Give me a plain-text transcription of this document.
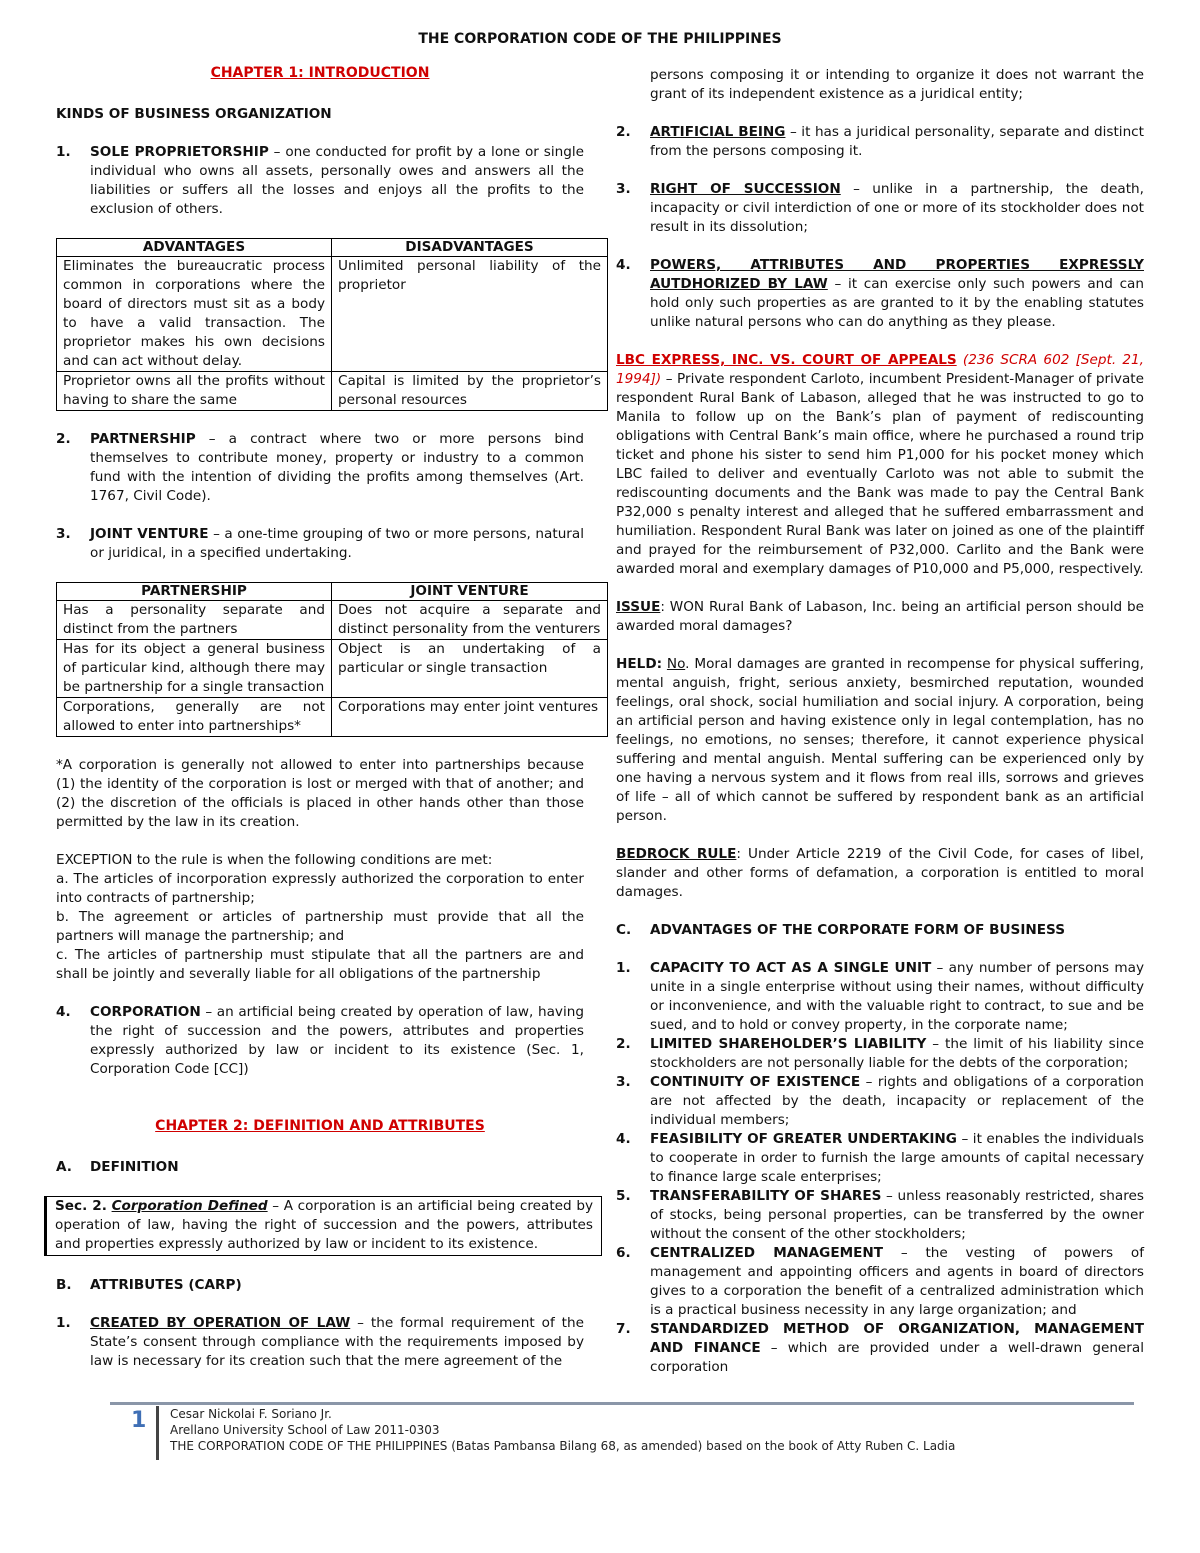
THE CORPORATION CODE OF THE PHILIPPINES
CHAPTER 1: INTRODUCTION
KINDS OF BUSINESS ORGANIZATION
1.	SOLE PROPRIETORSHIP – one conducted for profit by a lone or single individual who owns all assets, personally owes and answers all the liabilities or suffers all the losses and enjoys all the profits to the exclusion of others.
ADVANTAGES	DISADVANTAGES
Eliminates the bureaucratic process common in corporations where the board of directors must sit as a body to have a valid transaction. The proprietor makes his own decisions and can act without delay.	Unlimited personal liability of the proprietor
Proprietor owns all the profits without having to share the same	Capital is limited by the proprietor’s personal resources
2.	PARTNERSHIP – a contract where two or more persons bind themselves to contribute money, property or industry to a common fund with the intention of dividing the profits among themselves (Art. 1767, Civil Code).
3.	JOINT VENTURE – a one-time grouping of two or more persons, natural or juridical, in a specified undertaking.
PARTNERSHIP	JOINT VENTURE
Has a personality separate and distinct from the partners	Does not acquire a separate and distinct personality from the venturers
Has for its object a general business of particular kind, although there may be partnership for a single transaction	Object is an undertaking of a particular or single transaction
Corporations, generally are not allowed to enter into partnerships*	Corporations may enter joint ventures
*A corporation is generally not allowed to enter into partnerships because (1) the identity of the corporation is lost or merged with that of another; and (2) the discretion of the officials is placed in other hands other than those permitted by the law in its creation.
EXCEPTION to the rule is when the following conditions are met:
a. The articles of incorporation expressly authorized the corporation to enter into contracts of partnership;
b. The agreement or articles of partnership must provide that all the partners will manage the partnership; and
c. The articles of partnership must stipulate that all the partners are and shall be jointly and severally liable for all obligations of the partnership
4.	CORPORATION – an artificial being created by operation of law, having the right of succession and the powers, attributes and properties expressly authorized by law or incident to its existence (Sec. 1, Corporation Code [CC])
CHAPTER 2: DEFINITION AND ATTRIBUTES
A.	DEFINITION
Sec. 2. Corporation Defined – A corporation is an artificial being created by operation of law, having the right of succession and the powers, attributes and properties expressly authorized by law or incident to its existence.
B.	ATTRIBUTES (CARP)
1.	CREATED BY OPERATION OF LAW – the formal requirement of the State’s consent through compliance with the requirements imposed by law is necessary for its creation such that the mere agreement of the
persons composing it or intending to organize it does not warrant the grant of its independent existence as a juridical entity;
2.	ARTIFICIAL BEING – it has a juridical personality, separate and distinct from the persons composing it.
3.	RIGHT OF SUCCESSION – unlike in a partnership, the death, incapacity or civil interdiction of one or more of its stockholder does not result in its dissolution;
4.	POWERS, ATTRIBUTES AND PROPERTIES EXPRESSLY AUTDHORIZED BY LAW – it can exercise only such powers and can hold only such properties as are granted to it by the enabling statutes unlike natural persons who can do anything as they please.
LBC EXPRESS, INC. VS. COURT OF APPEALS (236 SCRA 602 [Sept. 21, 1994]) – Private respondent Carloto, incumbent President-Manager of private respondent Rural Bank of Labason, alleged that he was instructed to go to Manila to follow up on the Bank’s plan of payment of rediscounting obligations with Central Bank’s main office, where he purchased a round trip ticket and phone his sister to send him P1,000 for his pocket money which LBC failed to deliver and eventually Carloto was not able to submit the rediscounting documents and the Bank was made to pay the Central Bank P32,000 s penalty interest and alleged that he suffered embarrassment and humiliation. Respondent Rural Bank was later on joined as one of the plaintiff and prayed for the reimbursement of P32,000. Carlito and the Bank were awarded moral and exemplary damages of P10,000 and P5,000, respectively.
ISSUE: WON Rural Bank of Labason, Inc. being an artificial person should be awarded moral damages?
HELD: No. Moral damages are granted in recompense for physical suffering, mental anguish, fright, serious anxiety, besmirched reputation, wounded feelings, oral shock, social humiliation and social injury. A corporation, being an artificial person and having existence only in legal contemplation, has no feelings, no emotions, no senses; therefore, it cannot experience physical suffering and mental anguish. Mental suffering can be experienced only by one having a nervous system and it flows from real ills, sorrows and grieves of life – all of which cannot be suffered by respondent bank as an artificial person.
BEDROCK RULE: Under Article 2219 of the Civil Code, for cases of libel, slander and other forms of defamation, a corporation is entitled to moral damages.
C.	ADVANTAGES OF THE CORPORATE FORM OF BUSINESS
1.	CAPACITY TO ACT AS A SINGLE UNIT – any number of persons may unite in a single enterprise without using their names, without difficulty or inconvenience, and with the valuable right to contract, to sue and be sued, and to hold or convey property, in the corporate name;
2.	LIMITED SHAREHOLDER’S LIABILITY – the limit of his liability since stockholders are not personally liable for the debts of the corporation;
3.	CONTINUITY OF EXISTENCE – rights and obligations of a corporation are not affected by the death, incapacity or replacement of the individual members;
4.	FEASIBILITY OF GREATER UNDERTAKING – it enables the individuals to cooperate in order to furnish the large amounts of capital necessary to finance large scale enterprises;
5.	TRANSFERABILITY OF SHARES – unless reasonably restricted, shares of stocks, being personal properties, can be transferred by the owner without the consent of the other stockholders;
6.	CENTRALIZED MANAGEMENT – the vesting of powers of management and appointing officers and agents in board of directors gives to a corporation the benefit of a centralized administration which is a practical business necessity in any large organization; and
7.	STANDARDIZED METHOD OF ORGANIZATION, MANAGEMENT AND FINANCE – which are provided under a well-drawn general corporation
1 Cesar Nickolai F. Soriano Jr.
Arellano University School of Law 2011-0303
THE CORPORATION CODE OF THE PHILIPPINES (Batas Pambansa Bilang 68, as amended) based on the book of Atty Ruben C. Ladia
